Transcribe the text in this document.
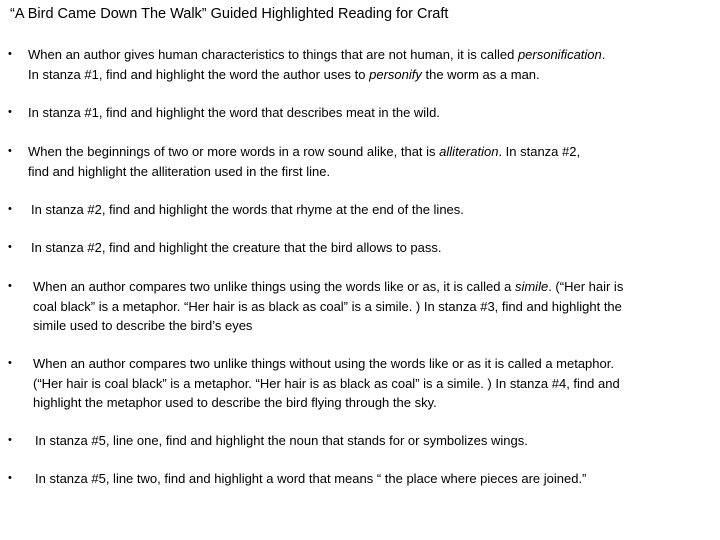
“A Bird Came Down The Walk” Guided Highlighted Reading for Craft
• When an author gives human characteristics to things that are not human, it is called personification.
In stanza #1, find and highlight the word the author uses to personify the worm as a man.
• In stanza #1, find and highlight the word that describes meat in the wild.
• When the beginnings of two or more words in a row sound alike, that is alliteration. In stanza #2,
find and highlight the alliteration used in the first line.
• In stanza #2, find and highlight the words that rhyme at the end of the lines.
• In stanza #2, find and highlight the creature that the bird allows to pass.
• When an author compares two unlike things using the words like or as, it is called a simile. (“Her hair is
coal black” is a metaphor. “Her hair is as black as coal” is a simile. ) In stanza #3, find and highlight the
simile used to describe the bird’s eyes
• When an author compares two unlike things without using the words like or as it is called a metaphor.
(“Her hair is coal black” is a metaphor. “Her hair is as black as coal” is a simile. ) In stanza #4, find and
highlight the metaphor used to describe the bird flying through the sky.
• In stanza #5, line one, find and highlight the noun that stands for or symbolizes wings.
• In stanza #5, line two, find and highlight a word that means “ the place where pieces are joined.”
